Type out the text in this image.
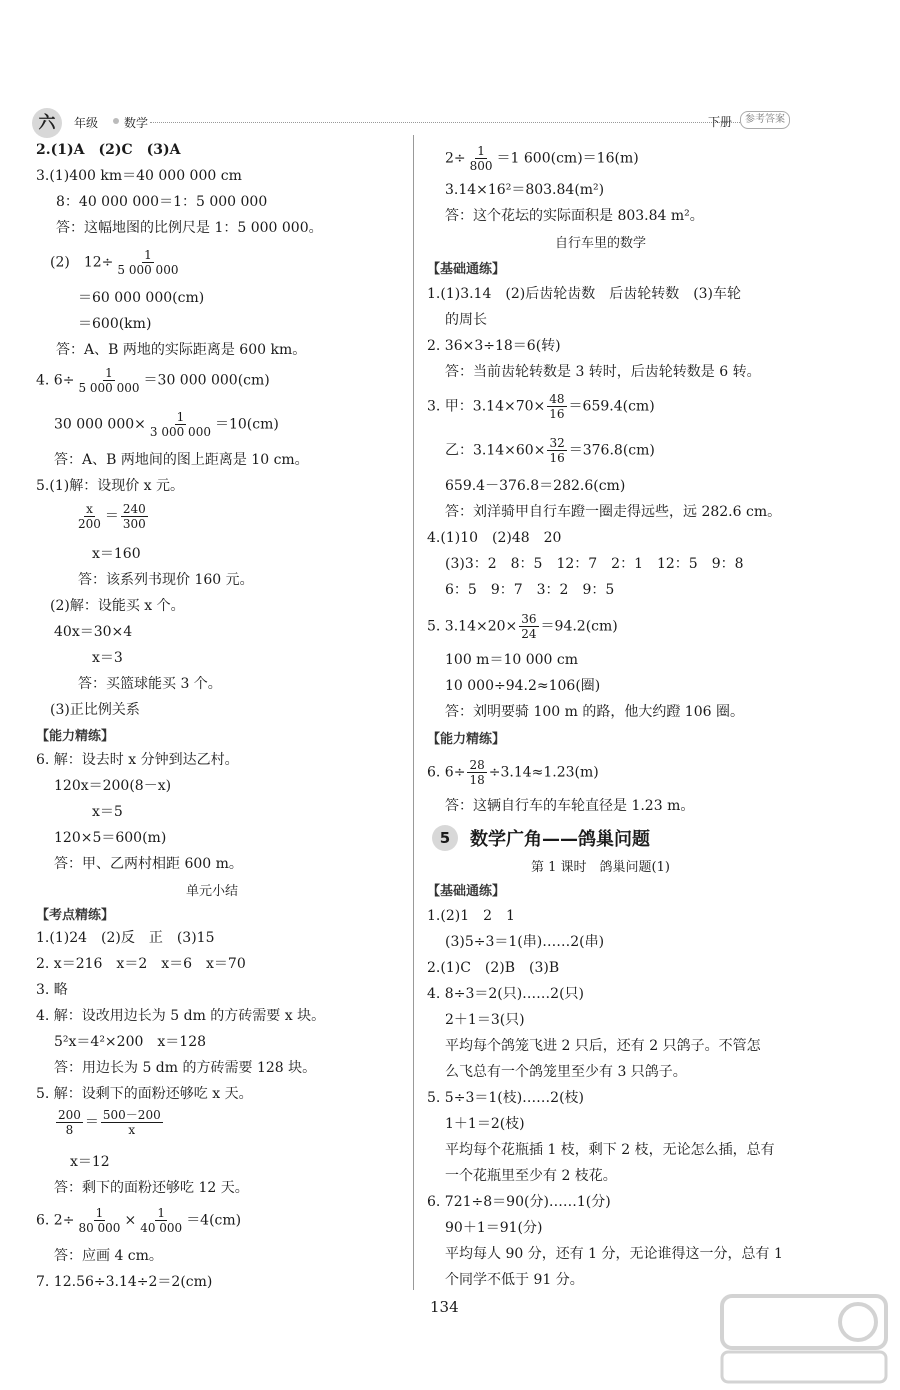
六	年级 数学	下册	参考答案
2.(1)A　(2)C　(3)A
3.(1)400 km＝40 000 000 cm
8：40 000 000＝1：5 000 000
答：这幅地图的比例尺是 1：5 000 000。
(2)　$12\div \frac{1}{5 000 000}$
＝60 000 000(cm)
＝600(km)
答：A、B 两地的实际距离是 600 km。
4. $6\div \frac{1}{5 000 000} =30$ 000 000(cm)
30 000 $000\times \frac{1}{3 000 000} =10(cm)$
答：A、B 两地间的图上距离是 10 cm。
5.(1)解：设现价 x 元。
$\frac{x}{200} = \frac{240}{300}$
x＝160
答：该系列书现价 160 元。
(2)解：设能买 x 个。
40x＝30×4
x＝3
答：买篮球能买 3 个。
(3)正比例关系
【能力精练】
6. 解：设去时 x 分钟到达乙村。
120x＝200(8－x)
x＝5
120×5＝600(m)
答：甲、乙两村相距 600 m。
单元小结
【考点精练】
1.(1)24　(2)反　正　(3)15
2. x＝216　x＝2　x＝6　x＝70
3. 略
4. 解：设改用边长为 5 dm 的方砖需要 x 块。
5²x＝4²×200　x＝128
答：用边长为 5 dm 的方砖需要 128 块。
5. 解：设剩下的面粉还够吃 x 天。
$\frac{200}{8} = \frac{500-200}{x}$
x＝12
答：剩下的面粉还够吃 12 天。
6. $2\div \frac{1}{80 000} \times \frac{1}{40 000} =4(cm)$
答：应画 4 cm。
7. 12.56÷3.14÷2＝2(cm)
$2\div \frac{1}{800} =1$ 600(cm)＝16(m)
3.14×16²＝803.84(m²)
答：这个花坛的实际面积是 803.84 m²。
自行车里的数学
【基础通练】
1.(1)3.14　(2)后齿轮齿数　后齿轮转数　(3)车轮
的周长
2. 36×3÷18＝6(转)
答：当前齿轮转数是 3 转时，后齿轮转数是 6 转。
3. 甲：$3.14\times 70\times \frac{48}{16} =659.4(cm)$
乙：$3.14\times 60\times \frac{32}{16} =376.8(cm)$
659.4－376.8＝282.6(cm)
答：刘洋骑甲自行车蹬一圈走得远些，远 282.6 cm。
4.(1)10　(2)48　20
(3)3：2　8：5　12：7　2：1　12：5　9：8
6：5　9：7　3：2　9：5
5. $3.14\times 20\times \frac{36}{24} =94.2(cm)$
100 m＝10 000 cm
10 000÷94.2≈106(圈)
答：刘明要骑 100 m 的路，他大约蹬 106 圈。
【能力精练】
6. $6\div \frac{28}{18} \div 3.14\approx 1.23(m)$
答：这辆自行车的车轮直径是 1.23 m。
第 1 课时　鸽巢问题(1)
【基础通练】
1.(2)1　2　1
(3)5÷3＝1(串)……2(串)
2.(1)C　(2)B　(3)B
4. 8÷3＝2(只)……2(只)
2＋1＝3(只)
平均每个鸽笼飞进 2 只后，还有 2 只鸽子。不管怎
么飞总有一个鸽笼里至少有 3 只鸽子。
5. 5÷3＝1(枝)……2(枝)
1＋1＝2(枝)
平均每个花瓶插 1 枝，剩下 2 枝，无论怎么插，总有
一个花瓶里至少有 2 枝花。
6. 721÷8＝90(分)……1(分)
90＋1＝91(分)
平均每人 90 分，还有 1 分，无论谁得这一分，总有 1
个同学不低于 91 分。
5	数学广角——鸽巢问题
134
